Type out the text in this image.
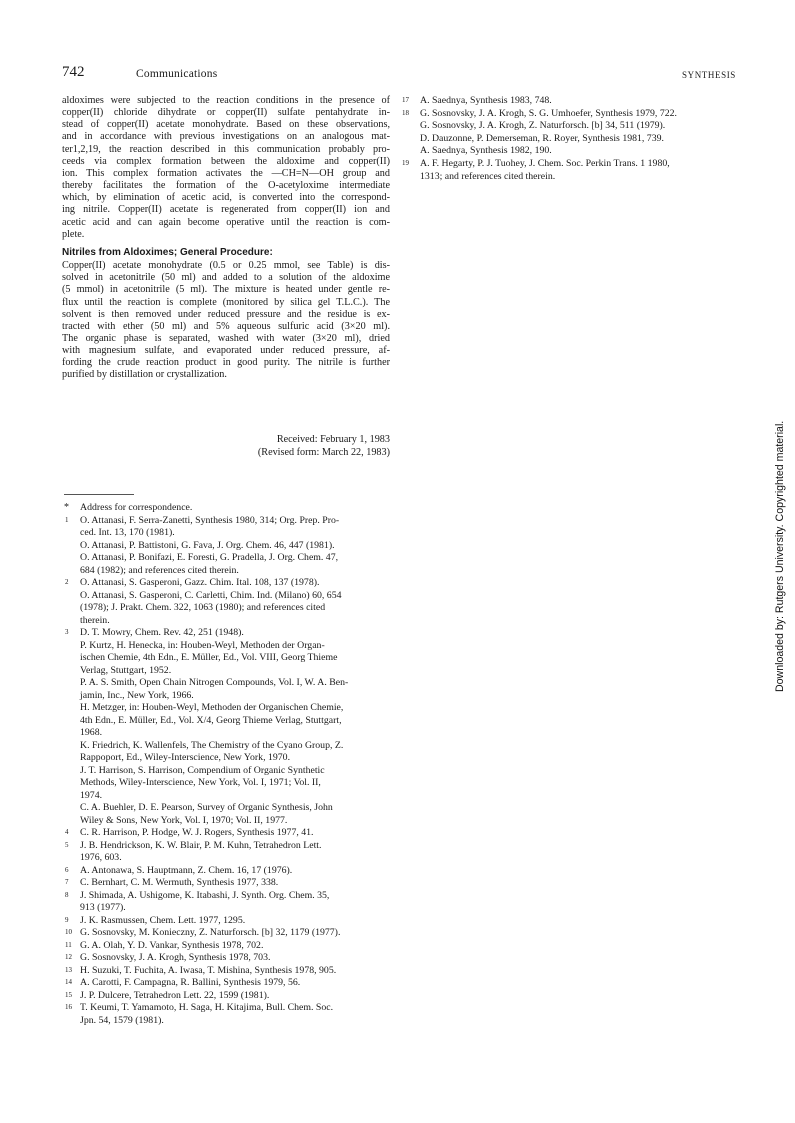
742	Communications	SYNTHESIS
aldoximes were subjected to the reaction conditions in the presence of
copper(II) chloride dihydrate or copper(II) sulfate pentahydrate in-
stead of copper(II) acetate monohydrate. Based on these observations,
and in accordance with previous investigations on an analogous mat-
ter1,2,19, the reaction described in this communication probably pro-
ceeds via complex formation between the aldoxime and copper(II)
ion. This complex formation activates the —CH=N—OH group and
thereby facilitates the formation of the O-acetyloxime intermediate
which, by elimination of acetic acid, is converted into the correspond-
ing nitrile. Copper(II) acetate is regenerated from copper(II) ion and
acetic acid and can again become operative until the reaction is com-
plete.
Nitriles from Aldoximes; General Procedure:
Copper(II) acetate monohydrate (0.5 or 0.25 mmol, see Table) is dis-
solved in acetonitrile (50 ml) and added to a solution of the aldoxime
(5 mmol) in acetonitrile (5 ml). The mixture is heated under gentle re-
flux until the reaction is complete (monitored by silica gel T.L.C.). The
solvent is then removed under reduced pressure and the residue is ex-
tracted with ether (50 ml) and 5% aqueous sulfuric acid (3×20 ml).
The organic phase is separated, washed with water (3×20 ml), dried
with magnesium sulfate, and evaporated under reduced pressure, af-
fording the crude reaction product in good purity. The nitrile is further
purified by distillation or crystallization.
Received: February 1, 1983
(Revised form: March 22, 1983)
* Address for correspondence.
1 O. Attanasi, F. Serra-Zanetti, Synthesis 1980, 314; Org. Prep. Pro-
ced. Int. 13, 170 (1981).
O. Attanasi, P. Battistoni, G. Fava, J. Org. Chem. 46, 447 (1981).
O. Attanasi, P. Bonifazi, E. Foresti, G. Pradella, J. Org. Chem. 47,
684 (1982); and references cited therein.
2 O. Attanasi, S. Gasperoni, Gazz. Chim. Ital. 108, 137 (1978).
O. Attanasi, S. Gasperoni, C. Carletti, Chim. Ind. (Milano) 60, 654
(1978); J. Prakt. Chem. 322, 1063 (1980); and references cited
therein.
3 D. T. Mowry, Chem. Rev. 42, 251 (1948).
P. Kurtz, H. Henecka, in: Houben-Weyl, Methoden der Organ-
ischen Chemie, 4th Edn., E. Müller, Ed., Vol. VIII, Georg Thieme
Verlag, Stuttgart, 1952.
P. A. S. Smith, Open Chain Nitrogen Compounds, Vol. I, W. A. Ben-
jamin, Inc., New York, 1966.
H. Metzger, in: Houben-Weyl, Methoden der Organischen Chemie,
4th Edn., E. Müller, Ed., Vol. X/4, Georg Thieme Verlag, Stuttgart,
1968.
K. Friedrich, K. Wallenfels, The Chemistry of the Cyano Group, Z.
Rappoport, Ed., Wiley-Interscience, New York, 1970.
J. T. Harrison, S. Harrison, Compendium of Organic Synthetic
Methods, Wiley-Interscience, New York, Vol. I, 1971; Vol. II,
1974.
C. A. Buehler, D. E. Pearson, Survey of Organic Synthesis, John
Wiley & Sons, New York, Vol. I, 1970; Vol. II, 1977.
4 C. R. Harrison, P. Hodge, W. J. Rogers, Synthesis 1977, 41.
5 J. B. Hendrickson, K. W. Blair, P. M. Kuhn, Tetrahedron Lett.
1976, 603.
6 A. Antonawa, S. Hauptmann, Z. Chem. 16, 17 (1976).
7 C. Bernhart, C. M. Wermuth, Synthesis 1977, 338.
8 J. Shimada, A. Ushigome, K. Itabashi, J. Synth. Org. Chem. 35,
913 (1977).
9 J. K. Rasmussen, Chem. Lett. 1977, 1295.
10 G. Sosnovsky, M. Konieczny, Z. Naturforsch. [b] 32, 1179 (1977).
11 G. A. Olah, Y. D. Vankar, Synthesis 1978, 702.
12 G. Sosnovsky, J. A. Krogh, Synthesis 1978, 703.
13 H. Suzuki, T. Fuchita, A. Iwasa, T. Mishina, Synthesis 1978, 905.
14 A. Carotti, F. Campagna, R. Ballini, Synthesis 1979, 56.
15 J. P. Dulcere, Tetrahedron Lett. 22, 1599 (1981).
16 T. Keumi, T. Yamamoto, H. Saga, H. Kitajima, Bull. Chem. Soc.
Jpn. 54, 1579 (1981).
17 A. Saednya, Synthesis 1983, 748.
18 G. Sosnovsky, J. A. Krogh, S. G. Umhoefer, Synthesis 1979, 722.
G. Sosnovsky, J. A. Krogh, Z. Naturforsch. [b] 34, 511 (1979).
D. Dauzonne, P. Demerseman, R. Royer, Synthesis 1981, 739.
A. Saednya, Synthesis 1982, 190.
19 A. F. Hegarty, P. J. Tuohey, J. Chem. Soc. Perkin Trans. 1 1980,
1313; and references cited therein.
Downloaded by: Rutgers University. Copyrighted material.
